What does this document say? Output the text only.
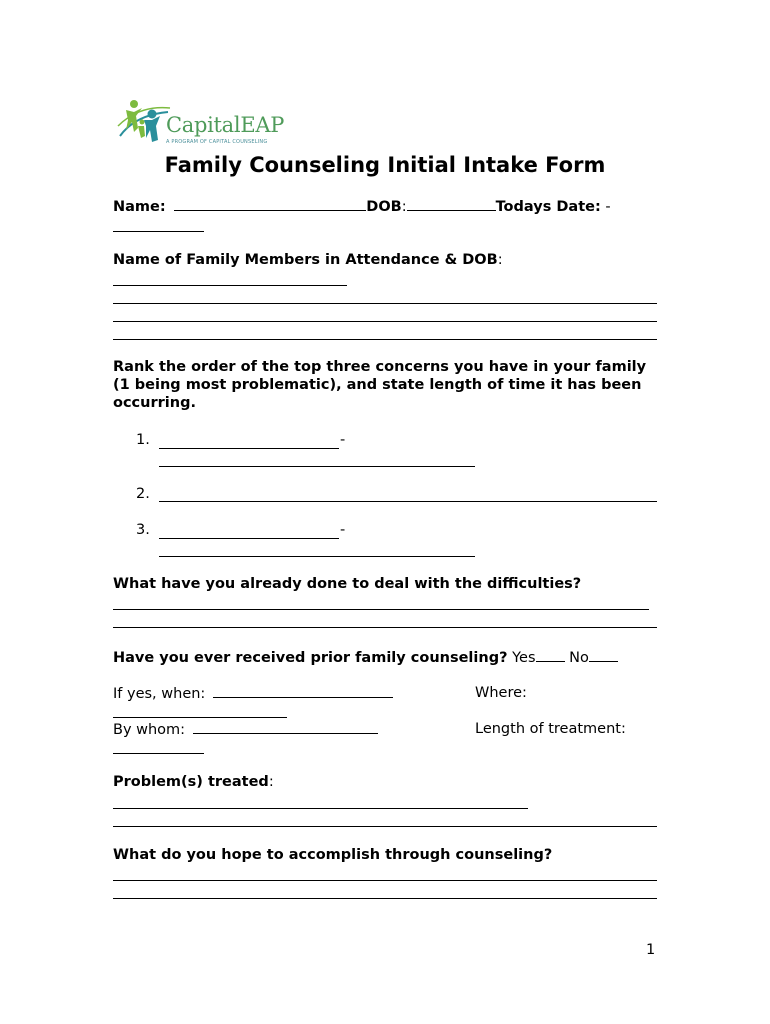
CapitalEAP
A PROGRAM OF CAPITAL COUNSELING
Family Counseling Initial Intake Form
Name:	DOB:	Todays Date: -
Name of Family Members in Attendance & DOB:
Rank the order of the top three concerns you have in your family (1 being most problematic), and state length of time it has been occurring.
1.	-
2.
3.	-
What have you already done to deal with the difficulties?
Have you ever received prior family counseling? Yes No
If yes, when:	Where:
By whom:	Length of treatment:
Problem(s) treated:
What do you hope to accomplish through counseling?
1
